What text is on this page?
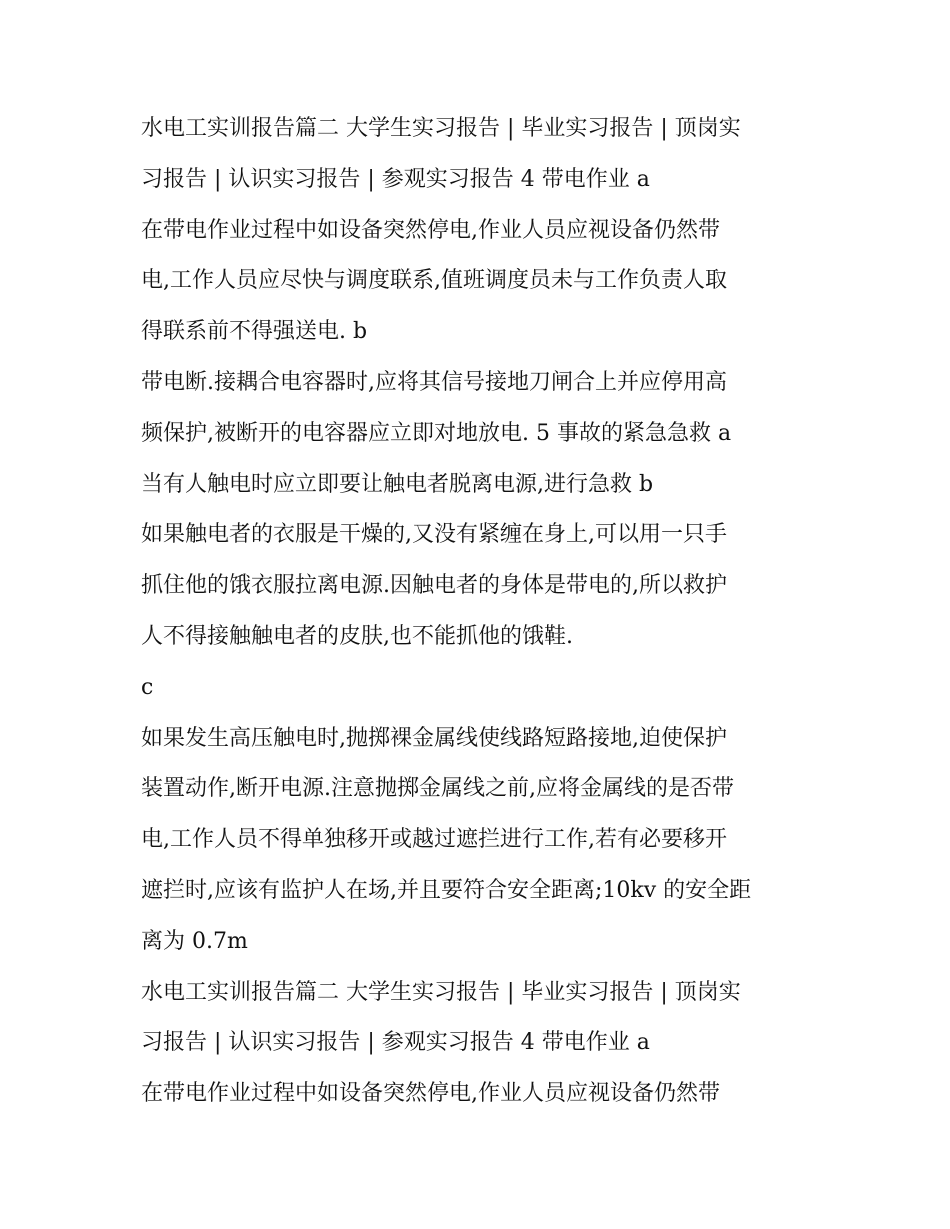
水电工实训报告篇二 大学生实习报告 | 毕业实习报告 | 顶岗实
习报告 | 认识实习报告 | 参观实习报告 4 带电作业 a
在带电作业过程中如设备突然停电,作业人员应视设备仍然带
电,工作人员应尽快与调度联系,值班调度员未与工作负责人取
得联系前不得强送电. b
带电断.接耦合电容器时,应将其信号接地刀闸合上并应停用高
频保护,被断开的电容器应立即对地放电. 5 事故的紧急急救 a
当有人触电时应立即要让触电者脱离电源,进行急救 b
如果触电者的衣服是干燥的,又没有紧缠在身上,可以用一只手
抓住他的饿衣服拉离电源.因触电者的身体是带电的,所以救护
人不得接触触电者的皮肤,也不能抓他的饿鞋.
c
如果发生高压触电时,抛掷裸金属线使线路短路接地,迫使保护
装置动作,断开电源.注意抛掷金属线之前,应将金属线的是否带
电,工作人员不得单独移开或越过遮拦进行工作,若有必要移开
遮拦时,应该有监护人在场,并且要符合安全距离;10kv 的安全距
离为 0.7m
水电工实训报告篇二 大学生实习报告 | 毕业实习报告 | 顶岗实
习报告 | 认识实习报告 | 参观实习报告 4 带电作业 a
在带电作业过程中如设备突然停电,作业人员应视设备仍然带
